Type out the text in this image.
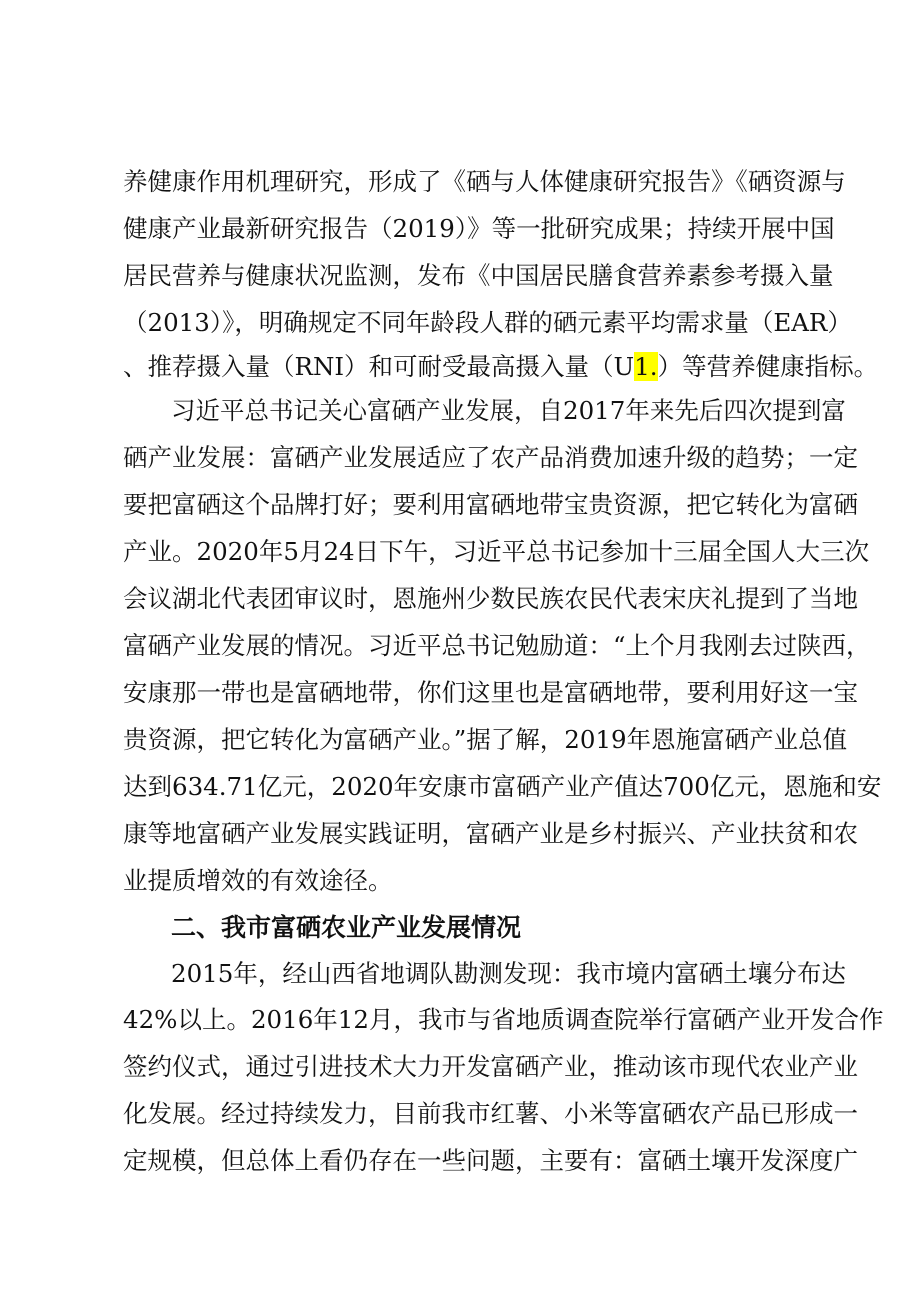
养健康作用机理研究，形成了《硒与人体健康研究报告》《硒资源与
健康产业最新研究报告（2019）》等一批研究成果；持续开展中国
居民营养与健康状况监测，发布《中国居民膳食营养素参考摄入量
（2013）》，明确规定不同年龄段人群的硒元素平均需求量（EAR）
、推荐摄入量（RNI）和可耐受最高摄入量（U1.）等营养健康指标。
习近平总书记关心富硒产业发展，自2017年来先后四次提到富
硒产业发展：富硒产业发展适应了农产品消费加速升级的趋势；一定
要把富硒这个品牌打好；要利用富硒地带宝贵资源，把它转化为富硒
产业。2020年5月24日下午，习近平总书记参加十三届全国人大三次
会议湖北代表团审议时，恩施州少数民族农民代表宋庆礼提到了当地
富硒产业发展的情况。习近平总书记勉励道：“上个月我刚去过陕西，
安康那一带也是富硒地带，你们这里也是富硒地带，要利用好这一宝
贵资源，把它转化为富硒产业。”据了解，2019年恩施富硒产业总值
达到634.71亿元，2020年安康市富硒产业产值达700亿元，恩施和安
康等地富硒产业发展实践证明，富硒产业是乡村振兴、产业扶贫和农
业提质增效的有效途径。
二、我市富硒农业产业发展情况
2015年，经山西省地调队勘测发现：我市境内富硒土壤分布达
42%以上。2016年12月，我市与省地质调查院举行富硒产业开发合作
签约仪式，通过引进技术大力开发富硒产业，推动该市现代农业产业
化发展。经过持续发力，目前我市红薯、小米等富硒农产品已形成一
定规模，但总体上看仍存在一些问题，主要有：富硒土壤开发深度广
